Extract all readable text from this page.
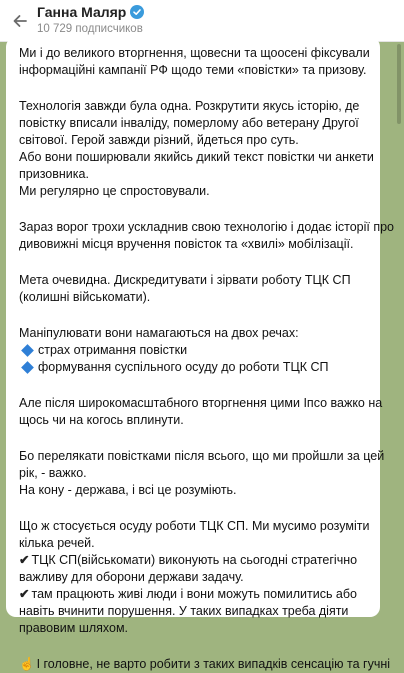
Ганна Маляр
10 729 подписчиков

Ми і до великого вторгнення, щовесни та щоосені фіксували
інформаційні кампанії РФ щодо теми «повістки» та призову.

Технологія завжди була одна. Розкрутити якусь історію, де
повістку вписали інваліду, померлому або ветерану Другої
світової. Герой завжди різний, йдеться про суть.
Або вони поширювали якийсь дикий текст повістки чи анкети
призовника.
Ми регулярно це спростовували.

Зараз ворог трохи ускладнив свою технологію і додає історії про
дивовижні місця вручення повісток та «хвилі» мобілізації.

Мета очевидна. Дискредитувати і зірвати роботу ТЦК СП
(колишні військомати).

Маніпулювати вони намагаються на двох речах:
страх отримання повістки
формування суспільного осуду до роботи ТЦК СП

Але після широкомасштабного вторгнення цими Іпсо важко на
щось чи на когось вплинути.

Бо перелякати повістками після всього, що ми пройшли за цей
рік, - важко.
На кону - держава, і всі це розуміють.

Що ж стосується осуду роботи ТЦК СП. Ми мусимо розуміти
кілька речей.
✔ ТЦК СП(військомати) виконують на сьогодні стратегічно
важливу для оборони держави задачу.
✔ там працюють живі люди і вони можуть помилитись або
навіть вчинити порушення. У таких випадках треба діяти
правовим шляхом.

☝ І головне, не варто робити з таких випадків сенсацію та гучні
